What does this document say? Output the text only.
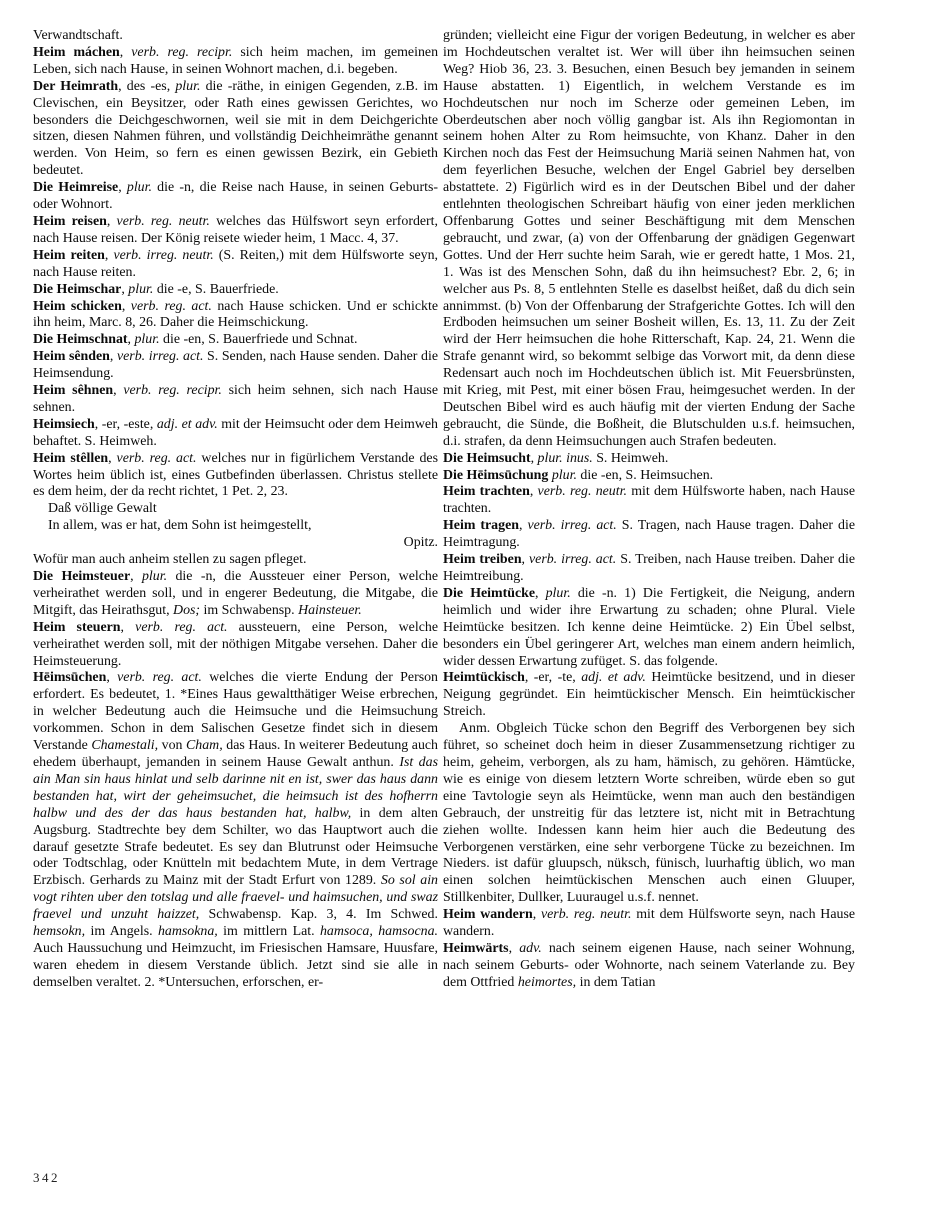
Verwandtschaft.

Heim máchen, verb. reg. recipr. sich heim machen, im gemeinen Leben, sich nach Hause, in seinen Wohnort machen, d.i. begeben.

Der Heimrath, des -es, plur. die -räthe, in einigen Gegenden, z.B. im Clevischen, ein Beysitzer, oder Rath eines gewissen Gerichtes, wo besonders die Deichgeschwornen, weil sie mit in dem Deichgerichte sitzen, diesen Nahmen führen, und vollständig Deichheimräthe genannt werden. Von Heim, so fern es einen gewissen Bezirk, ein Gebieth bedeutet.

Die Heimreise, plur. die -n, die Reise nach Hause, in seinen Geburts- oder Wohnort.

Heim reisen, verb. reg. neutr. welches das Hülfswort seyn erfordert, nach Hause reisen. Der König reisete wieder heim, 1 Macc. 4, 37.

Heim reiten, verb. irreg. neutr. (S. Reiten,) mit dem Hülfsworte seyn, nach Hause reiten.

Die Heimschar, plur. die -e, S. Bauerfriede.

Heim schicken, verb. reg. act. nach Hause schicken. Und er schickte ihn heim, Marc. 8, 26. Daher die Heimschickung.

Die Heimschnat, plur. die -en, S. Bauerfriede und Schnat.

Heim sênden, verb. irreg. act. S. Senden, nach Hause senden. Daher die Heimsendung.

Heim sêhnen, verb. reg. recipr. sich heim sehnen, sich nach Hause sehnen.

Heimsiech, -er, -este, adj. et adv. mit der Heimsucht oder dem Heimweh behaftet. S. Heimweh.

Heim stêllen, verb. reg. act. welches nur in figürlichem Verstande des Wortes heim üblich ist, eines Gutbefinden überlassen. Christus stellete es dem heim, der da recht richtet, 1 Pet. 2, 23.

Daß völlige Gewalt

In allem, was er hat, dem Sohn ist heimgestellt,

Opitz.

Wofür man auch anheim stellen zu sagen pfleget.

Die Heimsteuer, plur. die -n, die Aussteuer einer Person, welche verheirathet werden soll, und in engerer Bedeutung, die Mitgabe, die Mitgift, das Heirathsgut, Dos; im Schwabensp. Hainsteuer.

Heim steuern, verb. reg. act. aussteuern, eine Person, welche verheirathet werden soll, mit der nöthigen Mitgabe versehen. Daher die Heimsteuerung.

Hēimsūchen, verb. reg. act. welches die vierte Endung der Person erfordert. Es bedeutet, 1. *Eines Haus gewaltthätiger Weise erbrechen, in welcher Bedeutung auch die Heimsuche und die Heimsuchung vorkommen. Schon in dem Salischen Gesetze findet sich in diesem Verstande Chamestali, von Cham, das Haus. In weiterer Bedeutung auch ehedem überhaupt, jemanden in seinem Hause Gewalt anthun. Ist das ain Man sin haus hinlat und selb darinne nit en ist, swer das haus dann bestanden hat, wirt der geheimsuchet, die heimsuch ist des hofherrn halbw und des der das haus bestanden hat, halbw, in dem alten Augsburg. Stadtrechte bey dem Schilter, wo das Hauptwort auch die darauf gesetzte Strafe bedeutet. Es sey dan Blutrunst oder Heimsuche oder Todtschlag, oder Knütteln mit bedachtem Mute, in dem Vertrage Erzbisch. Gerhards zu Mainz mit der Stadt Erfurt von 1289. So sol ain vogt rihten uber den totslag und alle fraevel- und haimsuchen, und swaz fraevel und unzuht haizzet, Schwabensp. Kap. 3, 4. Im Schwed. hemsokn, im Angels. hamsokna, im mittlern Lat. hamsoca, hamsocna. Auch Haussuchung und Heimzucht, im Friesischen Hamsare, Huusfare, waren ehedem in diesem Verstande üblich. Jetzt sind sie alle in demselben veraltet. 2. *Untersuchen, erforschen, er-

gründen; vielleicht eine Figur der vorigen Bedeutung, in welcher es aber im Hochdeutschen veraltet ist. Wer will über ihn heimsuchen seinen Weg? Hiob 36, 23. 3. Besuchen, einen Besuch bey jemanden in seinem Hause abstatten. 1) Eigentlich, in welchem Verstande es im Hochdeutschen nur noch im Scherze oder gemeinen Leben, im Oberdeutschen aber noch völlig gangbar ist. Als ihn Regiomontan in seinem hohen Alter zu Rom heimsuchte, von Khanz. Daher in den Kirchen noch das Fest der Heimsuchung Mariä seinen Nahmen hat, von dem feyerlichen Besuche, welchen der Engel Gabriel bey derselben abstattete. 2) Figürlich wird es in der Deutschen Bibel und der daher entlehnten theologischen Schreibart häufig von einer jeden merklichen Offenbarung Gottes und seiner Beschäftigung mit dem Menschen gebraucht, und zwar, (a) von der Offenbarung der gnädigen Gegenwart Gottes. Und der Herr suchte heim Sarah, wie er geredt hatte, 1 Mos. 21, 1. Was ist des Menschen Sohn, daß du ihn heimsuchest? Ebr. 2, 6; in welcher aus Ps. 8, 5 entlehnten Stelle es daselbst heißet, daß du dich sein annimmst. (b) Von der Offenbarung der Strafgerichte Gottes. Ich will den Erdboden heimsuchen um seiner Bosheit willen, Es. 13, 11. Zu der Zeit wird der Herr heimsuchen die hohe Ritterschaft, Kap. 24, 21. Wenn die Strafe genannt wird, so bekommt selbige das Vorwort mit, da denn diese Redensart auch noch im Hochdeutschen üblich ist. Mit Feuersbrünsten, mit Krieg, mit Pest, mit einer bösen Frau, heimgesuchet werden. In der Deutschen Bibel wird es auch häufig mit der vierten Endung der Sache gebraucht, die Sünde, die Boßheit, die Blutschulden u.s.f. heimsuchen, d.i. strafen, da denn Heimsuchungen auch Strafen bedeuten.

Die Heimsucht, plur. inus. S. Heimweh.

Die Hēimsūchung plur. die -en, S. Heimsuchen.

Heim trachten, verb. reg. neutr. mit dem Hülfsworte haben, nach Hause trachten.

Heim tragen, verb. irreg. act. S. Tragen, nach Hause tragen. Daher die Heimtragung.

Heim treiben, verb. irreg. act. S. Treiben, nach Hause treiben. Daher die Heimtreibung.

Die Heimtücke, plur. die -n. 1) Die Fertigkeit, die Neigung, andern heimlich und wider ihre Erwartung zu schaden; ohne Plural. Viele Heimtücke besitzen. Ich kenne deine Heimtücke. 2) Ein Übel selbst, besonders ein Übel geringerer Art, welches man einem andern heimlich, wider dessen Erwartung zufüget. S. das folgende.

Heimtückisch, -er, -te, adj. et adv. Heimtücke besitzend, und in dieser Neigung gegründet. Ein heimtückischer Mensch. Ein heimtückischer Streich.

Anm. Obgleich Tücke schon den Begriff des Verborgenen bey sich führet, so scheinet doch heim in dieser Zusammensetzung richtiger zu heim, geheim, verborgen, als zu ham, hämisch, zu gehören. Hämtücke, wie es einige von diesem letztern Worte schreiben, würde eben so gut eine Tavtologie seyn als Heimtücke, wenn man auch den beständigen Gebrauch, der unstreitig für das letztere ist, nicht mit in Betrachtung ziehen wollte. Indessen kann heim hier auch die Bedeutung des Verborgenen verstärken, eine sehr verborgene Tücke zu bezeichnen. Im Nieders. ist dafür gluupsch, nüksch, fünisch, luurhaftig üblich, wo man einen solchen heimtückischen Menschen auch einen Gluuper, Stillkenbiter, Dullker, Luuraugel u.s.f. nennet.

Heim wandern, verb. reg. neutr. mit dem Hülfsworte seyn, nach Hause wandern.

Heimwärts, adv. nach seinem eigenen Hause, nach seiner Wohnung, nach seinem Geburts- oder Wohnorte, nach seinem Vaterlande zu. Bey dem Ottfried heimortes, in dem Tatian

342
